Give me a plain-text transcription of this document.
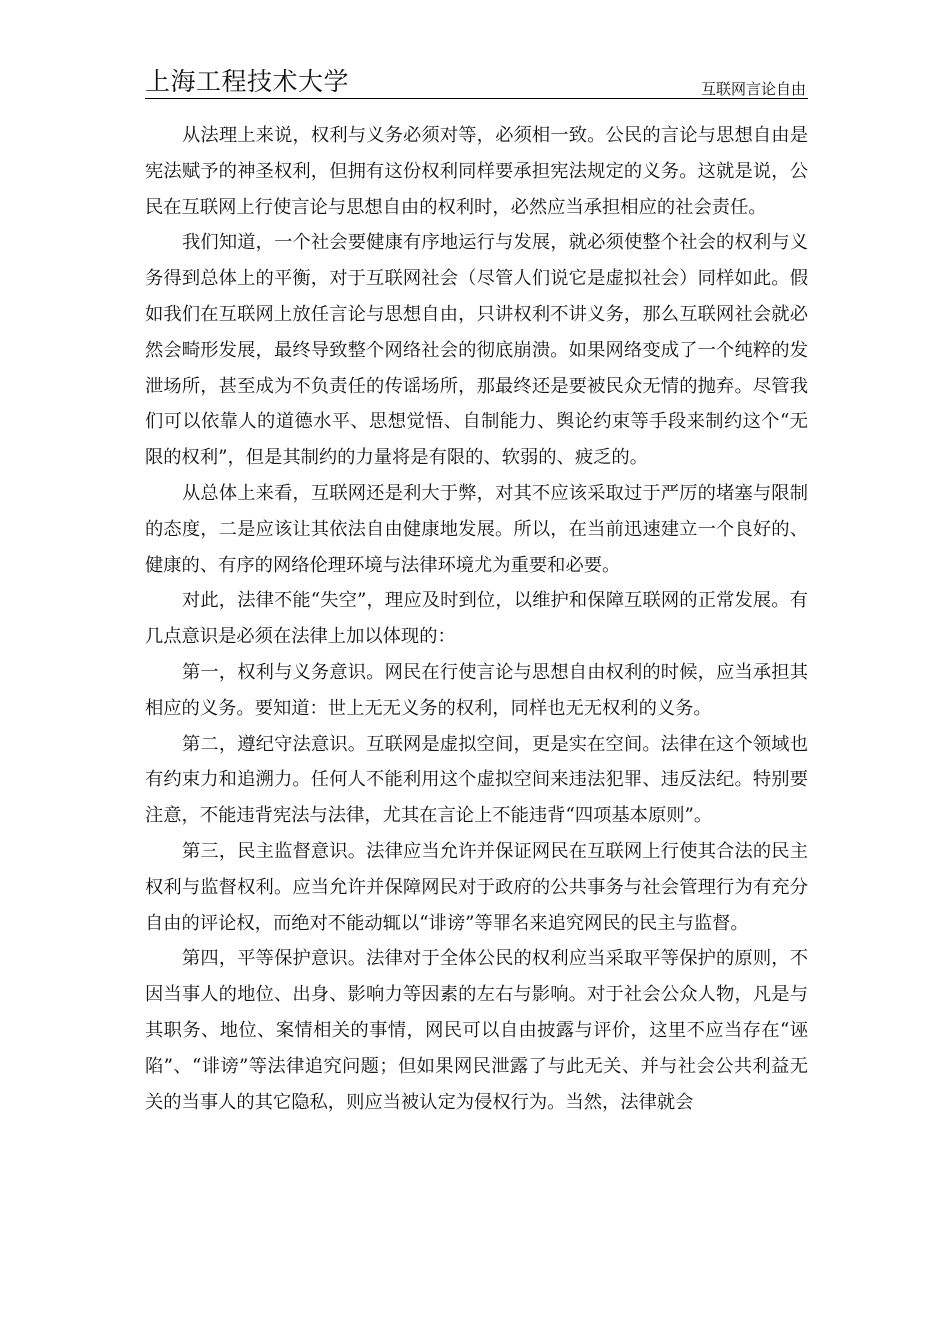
上海工程技术大学	互联网言论自由

从法理上来说，权利与义务必须对等，必须相一致。公民的言论与思想自由是宪法赋予的神圣权利，但拥有这份权利同样要承担宪法规定的义务。这就是说，公民在互联网上行使言论与思想自由的权利时，必然应当承担相应的社会责任。

我们知道，一个社会要健康有序地运行与发展，就必须使整个社会的权利与义务得到总体上的平衡，对于互联网社会（尽管人们说它是虚拟社会）同样如此。假如我们在互联网上放任言论与思想自由，只讲权利不讲义务，那么互联网社会就必然会畸形发展，最终导致整个网络社会的彻底崩溃。如果网络变成了一个纯粹的发泄场所，甚至成为不负责任的传谣场所，那最终还是要被民众无情的抛弃。尽管我们可以依靠人的道德水平、思想觉悟、自制能力、舆论约束等手段来制约这个“无限的权利”，但是其制约的力量将是有限的、软弱的、疲乏的。

从总体上来看，互联网还是利大于弊，对其不应该采取过于严厉的堵塞与限制的态度，二是应该让其依法自由健康地发展。所以，在当前迅速建立一个良好的、健康的、有序的网络伦理环境与法律环境尤为重要和必要。

对此，法律不能“失空”，理应及时到位，以维护和保障互联网的正常发展。有几点意识是必须在法律上加以体现的：

第一，权利与义务意识。网民在行使言论与思想自由权利的时候，应当承担其相应的义务。要知道：世上无无义务的权利，同样也无无权利的义务。

第二，遵纪守法意识。互联网是虚拟空间，更是实在空间。法律在这个领域也有约束力和追溯力。任何人不能利用这个虚拟空间来违法犯罪、违反法纪。特别要注意，不能违背宪法与法律，尤其在言论上不能违背“四项基本原则”。

第三，民主监督意识。法律应当允许并保证网民在互联网上行使其合法的民主权利与监督权利。应当允许并保障网民对于政府的公共事务与社会管理行为有充分自由的评论权，而绝对不能动辄以“诽谤”等罪名来追究网民的民主与监督。

第四，平等保护意识。法律对于全体公民的权利应当采取平等保护的原则，不因当事人的地位、出身、影响力等因素的左右与影响。对于社会公众人物，凡是与其职务、地位、案情相关的事情，网民可以自由披露与评价，这里不应当存在“诬陷”、“诽谤”等法律追究问题；但如果网民泄露了与此无关、并与社会公共利益无关的当事人的其它隐私，则应当被认定为侵权行为。当然，法律就会
